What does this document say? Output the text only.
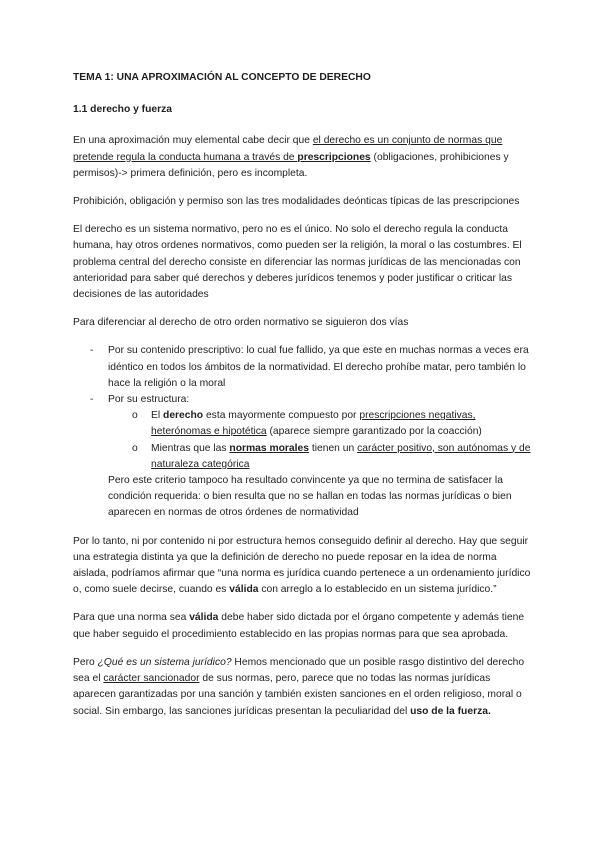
TEMA 1: UNA APROXIMACIÓN AL CONCEPTO DE DERECHO

1.1 derecho y fuerza

En una aproximación muy elemental cabe decir que el derecho es un conjunto de normas que pretende regula la conducta humana a través de prescripciones (obligaciones, prohibiciones y permisos)-> primera definición, pero es incompleta.

Prohibición, obligación y permiso son las tres modalidades deónticas típicas de las prescripciones

El derecho es un sistema normativo, pero no es el único. No solo el derecho regula la conducta humana, hay otros ordenes normativos, como pueden ser la religión, la moral o las costumbres. El problema central del derecho consiste en diferenciar las normas jurídicas de las mencionadas con anterioridad para saber qué derechos y deberes jurídicos tenemos y poder justificar o criticar las decisiones de las autoridades

Para diferenciar al derecho de otro orden normativo se siguieron dos vías

- Por su contenido prescriptivo: lo cual fue fallido, ya que este en muchas normas a veces era idéntico en todos los ámbitos de la normatividad. El derecho prohíbe matar, pero también lo hace la religión o la moral

- Por su estructura:

o El derecho esta mayormente compuesto por prescripciones negativas, heterónomas e hipotética (aparece siempre garantizado por la coacción)

o Mientras que las normas morales tienen un carácter positivo, son autónomas y de naturaleza categórica

Pero este criterio tampoco ha resultado convincente ya que no termina de satisfacer la condición requerida: o bien resulta que no se hallan en todas las normas jurídicas o bien aparecen en normas de otros órdenes de normatividad

Por lo tanto, ni por contenido ni por estructura hemos conseguido definir al derecho. Hay que seguir una estrategia distinta ya que la definición de derecho no puede reposar en la idea de norma aislada, podríamos afirmar que “una norma es jurídica cuando pertenece a un ordenamiento jurídico o, como suele decirse, cuando es válida con arreglo a lo establecido en un sistema jurídico.”

Para que una norma sea válida debe haber sido dictada por el órgano competente y además tiene que haber seguido el procedimiento establecido en las propias normas para que sea aprobada.

Pero ¿Qué es un sistema jurídico? Hemos mencionado que un posible rasgo distintivo del derecho sea el carácter sancionador de sus normas, pero, parece que no todas las normas jurídicas aparecen garantizadas por una sanción y también existen sanciones en el orden religioso, moral o social. Sin embargo, las sanciones jurídicas presentan la peculiaridad del uso de la fuerza.
